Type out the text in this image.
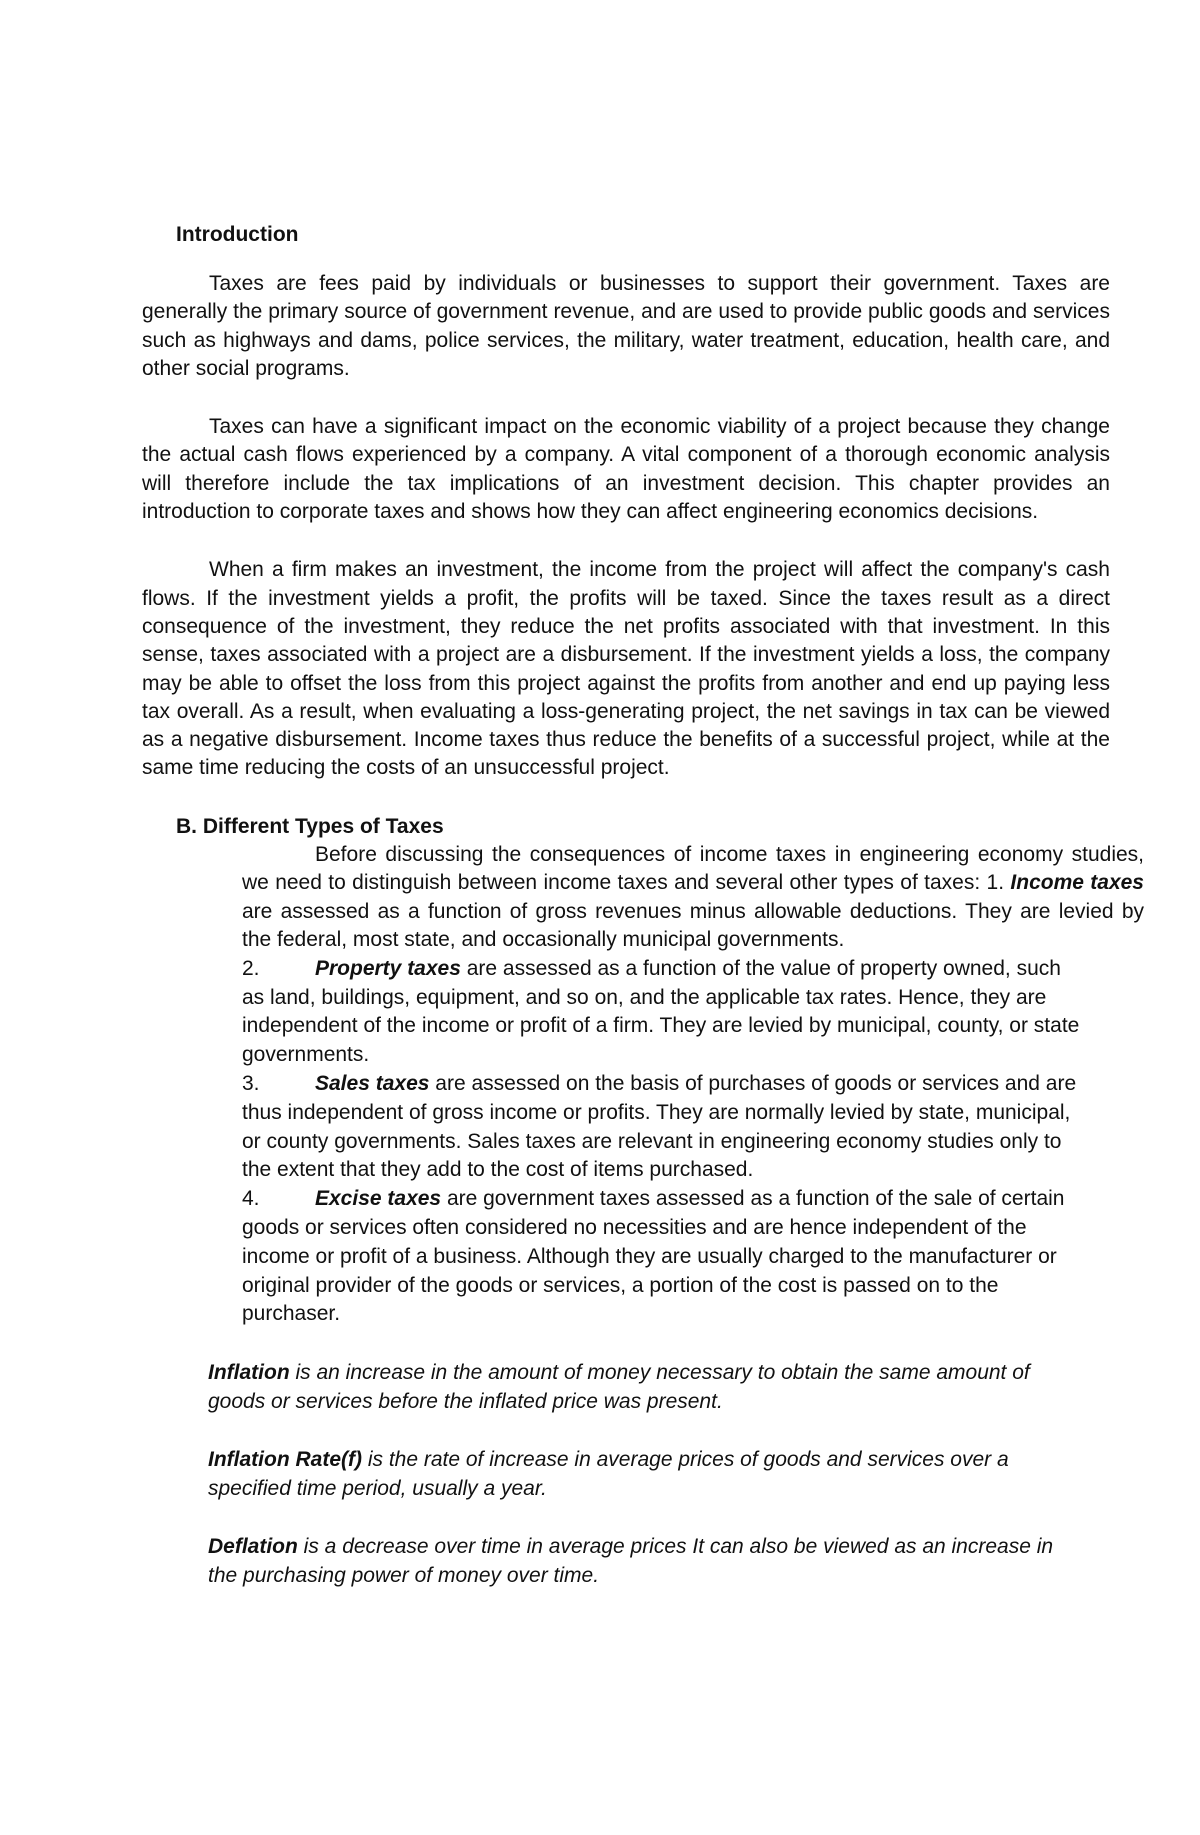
Introduction

Taxes are fees paid by individuals or businesses to support their government. Taxes are generally the primary source of government revenue, and are used to provide public goods and services such as highways and dams, police services, the military, water treatment, education, health care, and other social programs.

Taxes can have a significant impact on the economic viability of a project because they change the actual cash flows experienced by a company. A vital component of a thorough economic analysis will therefore include the tax implications of an investment decision. This chapter provides an introduction to corporate taxes and shows how they can affect engineering economics decisions.

When a firm makes an investment, the income from the project will affect the company's cash flows. If the investment yields a profit, the profits will be taxed. Since the taxes result as a direct consequence of the investment, they reduce the net profits associated with that investment. In this sense, taxes associated with a project are a disbursement. If the investment yields a loss, the company may be able to offset the loss from this project against the profits from another and end up paying less tax overall. As a result, when evaluating a loss-generating project, the net savings in tax can be viewed as a negative disbursement. Income taxes thus reduce the benefits of a successful project, while at the same time reducing the costs of an unsuccessful project.

B. Different Types of Taxes

Before discussing the consequences of income taxes in engineering economy studies, we need to distinguish between income taxes and several other types of taxes: 1. Income taxes are assessed as a function of gross revenues minus allowable deductions. They are levied by the federal, most state, and occasionally municipal governments.

2.	Property taxes are assessed as a function of the value of property owned, such as land, buildings, equipment, and so on, and the applicable tax rates. Hence, they are independent of the income or profit of a firm. They are levied by municipal, county, or state governments.

3.	Sales taxes are assessed on the basis of purchases of goods or services and are thus independent of gross income or profits. They are normally levied by state, municipal, or county governments. Sales taxes are relevant in engineering economy studies only to the extent that they add to the cost of items purchased.

4.	Excise taxes are government taxes assessed as a function of the sale of certain goods or services often considered no necessities and are hence independent of the income or profit of a business. Although they are usually charged to the manufacturer or original provider of the goods or services, a portion of the cost is passed on to the purchaser.

Inflation is an increase in the amount of money necessary to obtain the same amount of goods or services before the inflated price was present.

Inflation Rate(f) is the rate of increase in average prices of goods and services over a specified time period, usually a year.

Deflation is a decrease over time in average prices It can also be viewed as an increase in the purchasing power of money over time.
